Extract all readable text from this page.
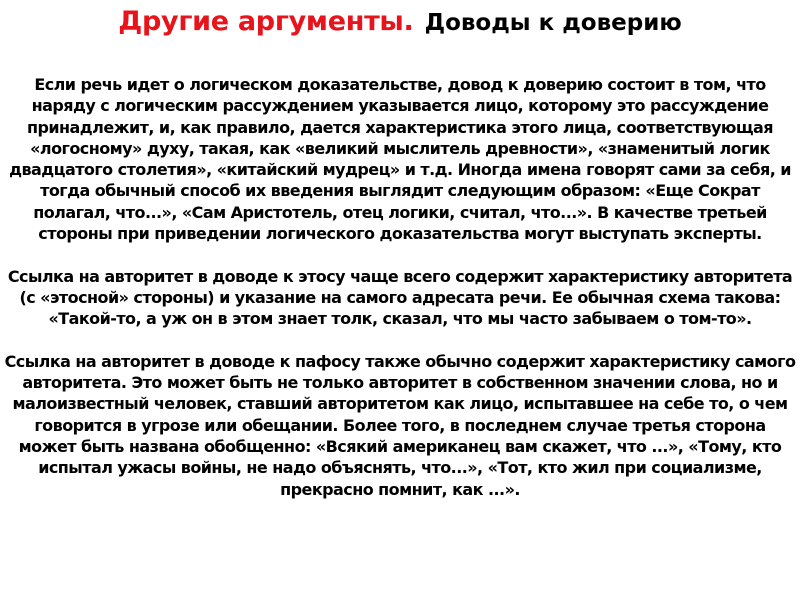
Другие аргументы. Доводы к доверию

Если речь идет о логическом доказательстве, довод к доверию состоит в том, что наряду с логическим рассуждением указывается лицо, которому это рассуждение принадлежит, и, как правило, дается характеристика этого лица, соответствующая «логосному» духу, такая, как «великий мыслитель древности», «знаменитый логик двадцатого столетия», «китайский мудрец» и т.д. Иногда имена говорят сами за себя, и тогда обычный способ их введения выглядит следующим образом: «Еще Сократ полагал, что...», «Сам Аристотель, отец логики, считал, что...». В качестве третьей стороны при приведении логического доказательства могут выступать эксперты.

Ссылка на авторитет в доводе к этосу чаще всего содержит характеристику авторитета (с «этосной» стороны) и указание на самого адресата речи. Ее обычная схема такова: «Такой-то, а уж он в этом знает толк, сказал, что мы часто забываем о том-то».

Ссылка на авторитет в доводе к пафосу также обычно содержит характеристику самого авторитета. Это может быть не только авторитет в собственном значении слова, но и малоизвестный человек, ставший авторитетом как лицо, испытавшее на себе то, о чем говорится в угрозе или обещании. Более того, в последнем случае третья сторона может быть названа обобщенно: «Всякий американец вам скажет, что ...», «Тому, кто испытал ужасы войны, не надо объяснять, что...», «Тот, кто жил при социализме, прекрасно помнит, как ...».
